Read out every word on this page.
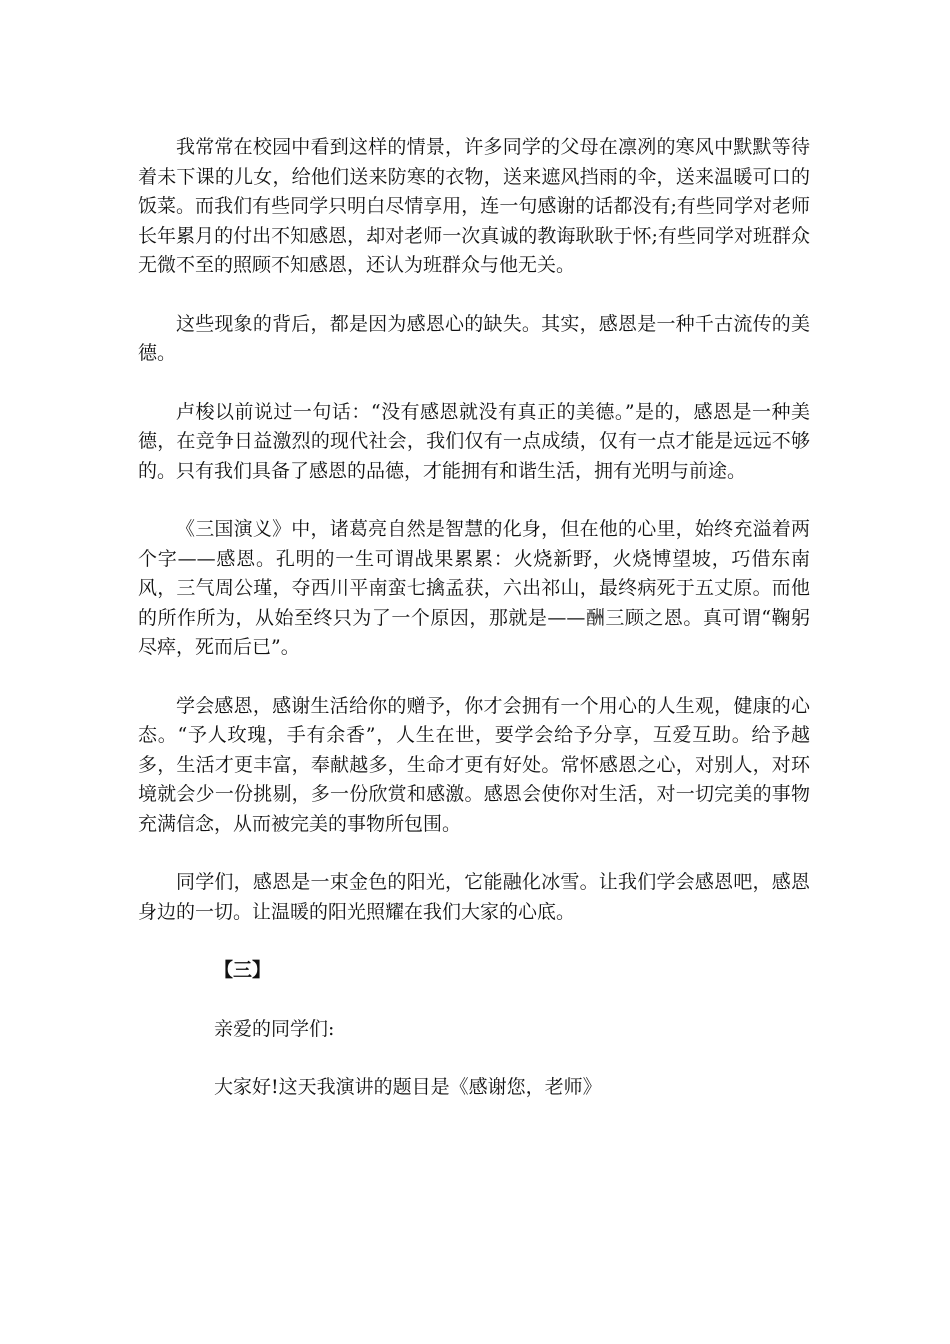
我常常在校园中看到这样的情景，许多同学的父母在凛冽的寒风中默默等待着未下课的儿女，给他们送来防寒的衣物，送来遮风挡雨的伞，送来温暖可口的饭菜。而我们有些同学只明白尽情享用，连一句感谢的话都没有;有些同学对老师长年累月的付出不知感恩，却对老师一次真诚的教诲耿耿于怀;有些同学对班群众无微不至的照顾不知感恩，还认为班群众与他无关。

这些现象的背后，都是因为感恩心的缺失。其实，感恩是一种千古流传的美德。

卢梭以前说过一句话：“没有感恩就没有真正的美德。”是的，感恩是一种美德，在竞争日益激烈的现代社会，我们仅有一点成绩，仅有一点才能是远远不够的。只有我们具备了感恩的品德，才能拥有和谐生活，拥有光明与前途。

《三国演义》中，诸葛亮自然是智慧的化身，但在他的心里，始终充溢着两个字——感恩。孔明的一生可谓战果累累：火烧新野，火烧博望坡，巧借东南风，三气周公瑾，夺西川平南蛮七擒孟获，六出祁山，最终病死于五丈原。而他的所作所为，从始至终只为了一个原因，那就是——酬三顾之恩。真可谓“鞠躬尽瘁，死而后已”。

学会感恩，感谢生活给你的赠予，你才会拥有一个用心的人生观，健康的心态。“予人玫瑰，手有余香”，人生在世，要学会给予分享，互爱互助。给予越多，生活才更丰富，奉献越多，生命才更有好处。常怀感恩之心，对别人，对环境就会少一份挑剔，多一份欣赏和感激。感恩会使你对生活，对一切完美的事物充满信念，从而被完美的事物所包围。

同学们，感恩是一束金色的阳光，它能融化冰雪。让我们学会感恩吧，感恩身边的一切。让温暖的阳光照耀在我们大家的心底。

【三】
亲爱的同学们:
大家好!这天我演讲的题目是《感谢您，老师》
